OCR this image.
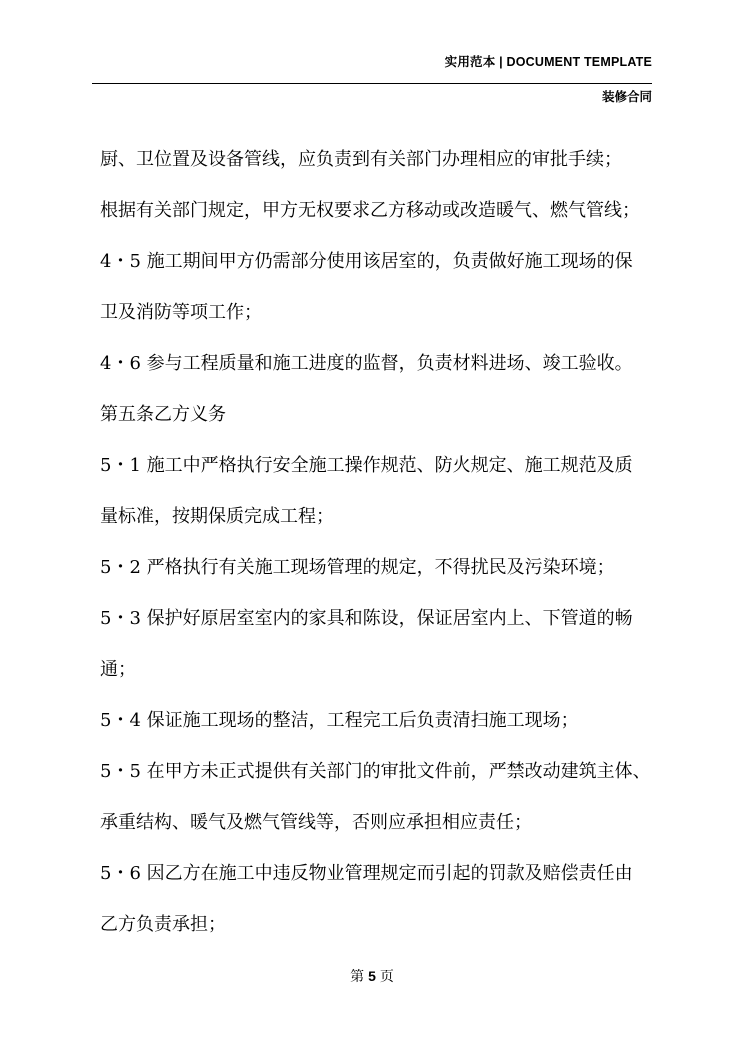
实用范本 | DOCUMENT TEMPLATE
装修合同

厨、卫位置及设备管线，应负责到有关部门办理相应的审批手续；

根据有关部门规定，甲方无权要求乙方移动或改造暖气、燃气管线；

4・5 施工期间甲方仍需部分使用该居室的，负责做好施工现场的保

卫及消防等项工作；

4・6 参与工程质量和施工进度的监督，负责材料进场、竣工验收。

第五条乙方义务

5・1 施工中严格执行安全施工操作规范、防火规定、施工规范及质

量标准，按期保质完成工程；

5・2 严格执行有关施工现场管理的规定，不得扰民及污染环境；

5・3 保护好原居室室内的家具和陈设，保证居室内上、下管道的畅

通；

5・4 保证施工现场的整洁，工程完工后负责清扫施工现场；

5・5 在甲方未正式提供有关部门的审批文件前，严禁改动建筑主体、

承重结构、暖气及燃气管线等，否则应承担相应责任；

5・6 因乙方在施工中违反物业管理规定而引起的罚款及赔偿责任由

乙方负责承担；

第 5 页
